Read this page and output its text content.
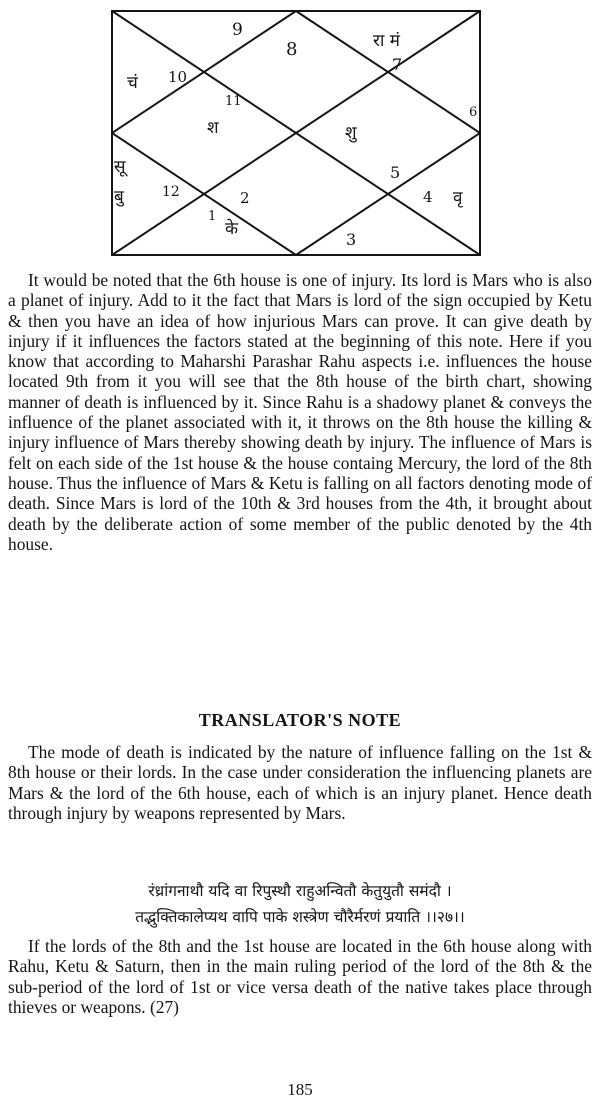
1
2
3
4
5
6
7
8
9
10
11
12
सू
बु
चं
श	शु
रा मं
के
वृ

It would be noted that the 6th house is one of injury. Its lord is Mars who is also a planet of injury. Add to it the fact that Mars is lord of the sign occupied by Ketu & then you have an idea of how injurious Mars can prove. It can give death by injury if it influences the factors stated at the beginning of this note. Here if you know that according to Maharshi Parashar Rahu aspects i.e. influences the house located 9th from it you will see that the 8th house of the birth chart, showing manner of death is influenced by it. Since Rahu is a shadowy planet & conveys the influence of the planet associated with it, it throws on the 8th house the killing & injury influence of Mars thereby showing death by injury. The influence of Mars is felt on each side of the 1st house & the house containg Mercury, the lord of the 8th house. Thus the influence of Mars & Ketu is falling on all factors denoting mode of death. Since Mars is lord of the 10th & 3rd houses from the 4th, it brought about death by the deliberate action of some member of the public denoted by the 4th house.

TRANSLATOR'S NOTE

The mode of death is indicated by the nature of influence falling on the 1st & 8th house or their lords. In the case under consideration the influencing planets are Mars & the lord of the 6th house, each of which is an injury planet. Hence death through injury by weapons represented by Mars.

रंध्रांगनाथौ यदि वा रिपुस्थौ राहुअन्वितौ केतुयुतौ समंदौ ।
तद्भुक्तिकालेप्यथ वापि पाके शस्त्रेण चौरैर्मरणं प्रयाति ।।२७।।

If the lords of the 8th and the 1st house are located in the 6th house along with Rahu, Ketu & Saturn, then in the main ruling period of the lord of the 8th & the sub-period of the lord of 1st or vice versa death of the native takes place through thieves or weapons. (27)

185
